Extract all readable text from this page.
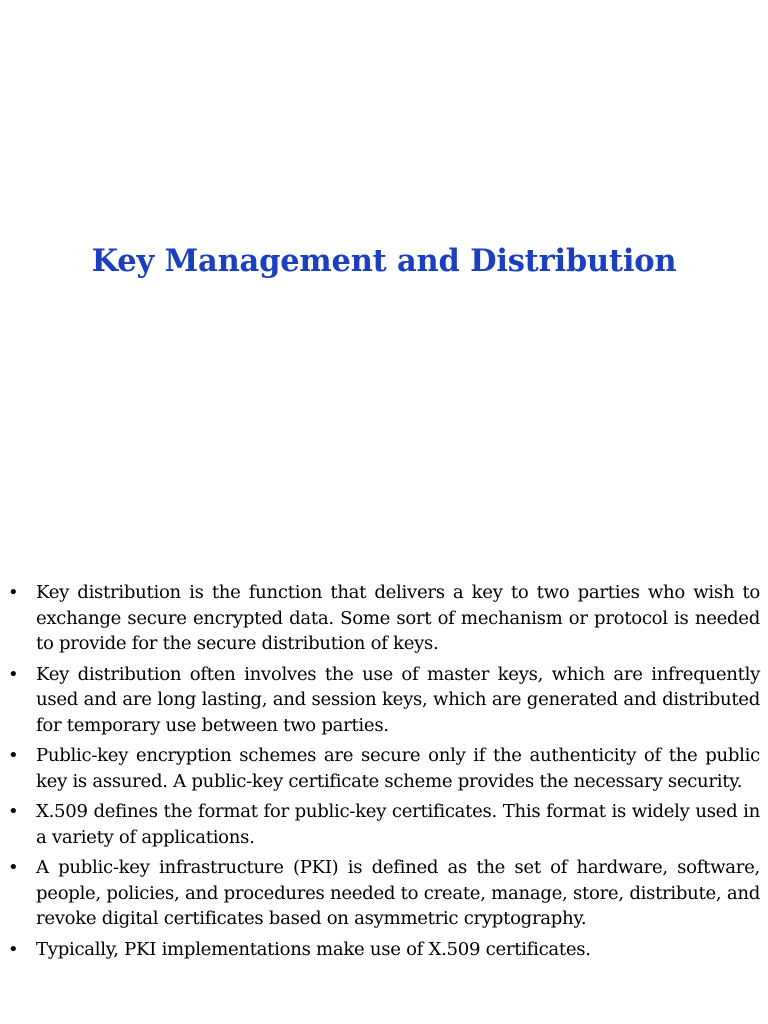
Key Management and Distribution
• Key distribution is the function that delivers a key to two parties who wish to exchange secure encrypted data. Some sort of mechanism or protocol is needed to provide for the secure distribution of keys.
• Key distribution often involves the use of master keys, which are infrequently used and are long lasting, and session keys, which are generated and distributed for temporary use between two parties.
• Public-key encryption schemes are secure only if the authenticity of the public key is assured. A public-key certificate scheme provides the necessary security.
• X.509 defines the format for public-key certificates. This format is widely used in a variety of applications.
• A public-key infrastructure (PKI) is defined as the set of hardware, software, people, policies, and procedures needed to create, manage, store, distribute, and revoke digital certificates based on asymmetric cryptography.
• Typically, PKI implementations make use of X.509 certificates.
